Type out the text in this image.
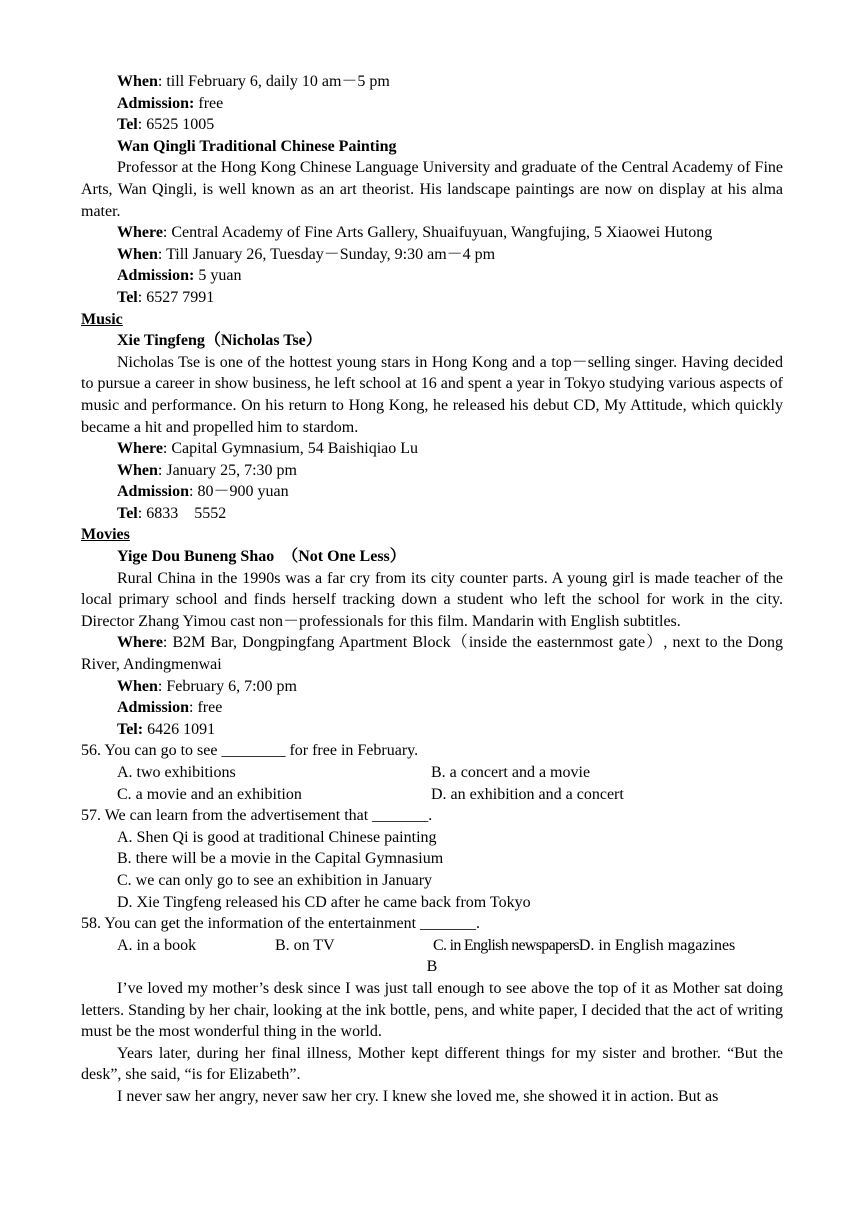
When: till February 6, daily 10 am－5 pm

Admission: free

Tel: 6525 1005

Wan Qingli Traditional Chinese Painting

Professor at the Hong Kong Chinese Language University and graduate of the Central Academy of Fine Arts, Wan Qingli, is well known as an art theorist. His landscape paintings are now on display at his alma mater.

Where: Central Academy of Fine Arts Gallery, Shuaifuyuan, Wangfujing, 5 Xiaowei Hutong

When: Till January 26, Tuesday－Sunday, 9:30 am－4 pm

Admission: 5 yuan

Tel: 6527 7991

Music

Xie Tingfeng（Nicholas Tse）

Nicholas Tse is one of the hottest young stars in Hong Kong and a top－selling singer. Having decided to pursue a career in show business, he left school at 16 and spent a year in Tokyo studying various aspects of music and performance. On his return to Hong Kong, he released his debut CD, My Attitude, which quickly became a hit and propelled him to stardom.

Where: Capital Gymnasium, 54 Baishiqiao Lu

When: January 25, 7:30 pm

Admission: 80－900 yuan

Tel: 6833　5552

Movies

Yige Dou Buneng Shao　（Not One Less）

Rural China in the 1990s was a far cry from its city counter parts. A young girl is made teacher of the local primary school and finds herself tracking down a student who left the school for work in the city. Director Zhang Yimou cast non－professionals for this film. Mandarin with English subtitles.

Where: B2M Bar, Dongpingfang Apartment Block（inside the easternmost gate）, next to the Dong River, Andingmenwai

When: February 6, 7:00 pm

Admission: free

Tel: 6426 1091

56. You can go to see ________ for free in February.

A. two exhibitions	B. a concert and a movie

C. a movie and an exhibition	D. an exhibition and a concert

57. We can learn from the advertisement that _______.

A. Shen Qi is good at traditional Chinese painting

B. there will be a movie in the Capital Gymnasium

C. we can only go to see an exhibition in January

D. Xie Tingfeng released his CD after he came back from Tokyo

58. You can get the information of the entertainment _______.

A. in a book	B. on TV	C. in English newspapersD. in English magazines

B

I’ve loved my mother’s desk since I was just tall enough to see above the top of it as Mother sat doing letters. Standing by her chair, looking at the ink bottle, pens, and white paper, I decided that the act of writing must be the most wonderful thing in the world.

Years later, during her final illness, Mother kept different things for my sister and brother. “But the desk”, she said, “is for Elizabeth”.

I never saw her angry, never saw her cry. I knew she loved me, she showed it in action. But as
